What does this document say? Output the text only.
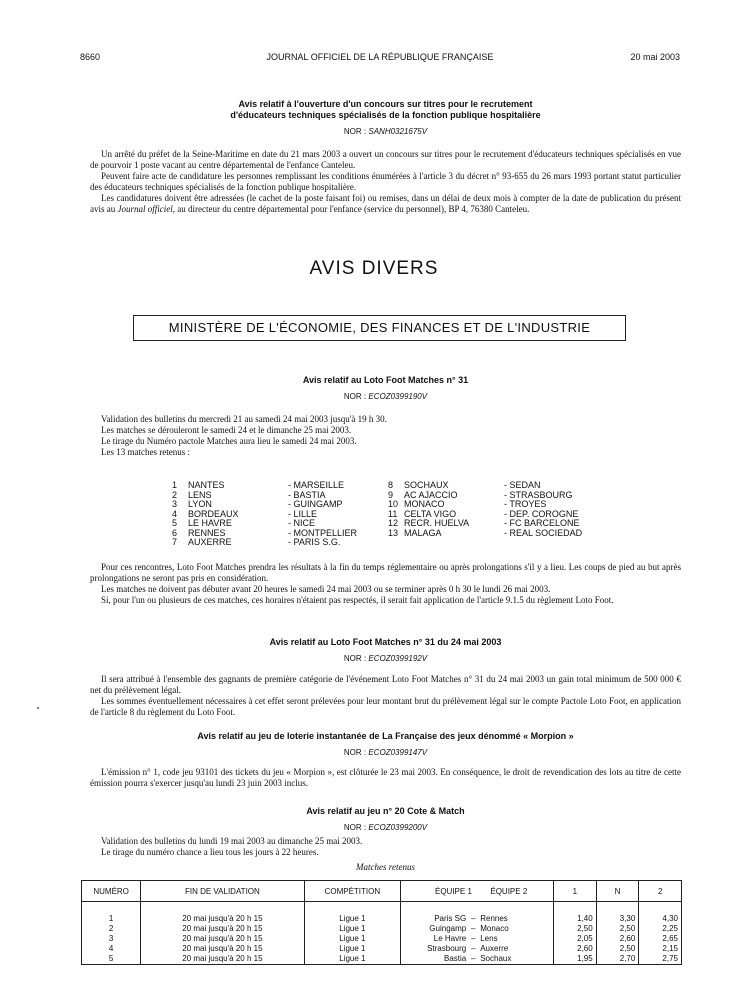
8660	JOURNAL OFFICIEL DE LA RÉPUBLIQUE FRANÇAISE	20 mai 2003
Avis relatif à l'ouverture d'un concours sur titres pour le recrutement
d'éducateurs techniques spécialisés de la fonction publique hospitalière
NOR : SANH0321675V

Un arrêté du préfet de la Seine-Maritime en date du 21 mars 2003 a ouvert un concours sur titres pour le recrutement d'éducateurs techniques spécialisés en vue de pourvoir 1 poste vacant au centre départemental de l'enfance Canteleu.

Peuvent faire acte de candidature les personnes remplissant les conditions énumérées à l'article 3 du décret n° 93-655 du 26 mars 1993 portant statut particulier des éducateurs techniques spécialisés de la fonction publique hospitalière.

Les candidatures doivent être adressées (le cachet de la poste faisant foi) ou remises, dans un délai de deux mois à compter de la date de publication du présent avis au Journal officiel, au directeur du centre départemental pour l'enfance (service du personnel), BP 4, 76380 Canteleu.

AVIS DIVERS
MINISTÈRE DE L'ÉCONOMIE, DES FINANCES ET DE L'INDUSTRIE
Avis relatif au Loto Foot Matches n° 31
NOR : ECOZ0399190V

Validation des bulletins du mercredi 21 au samedi 24 mai 2003 jusqu'à 19 h 30.

Les matches se dérouleront le samedi 24 et le dimanche 25 mai 2003.

Le tirage du Numéro pactole Matches aura lieu le samedi 24 mai 2003.

Les 13 matches retenus :

1 NANTES	- MARSEILLE
2 LENS	- BASTIA
3 LYON	- GUINGAMP
4 BORDEAUX	- LILLE
5 LE HAVRE	- NICE
6 RENNES	- MONTPELLIER
7 AUXERRE	- PARIS S.G.
8 SOCHAUX	- SEDAN
9 AC AJACCIO	- STRASBOURG
10 MONACO	- TROYES
11 CELTA VIGO	- DEP. COROGNE
12 RECR. HUELVA	- FC BARCELONE
13 MALAGA	- REAL SOCIEDAD

Pour ces rencontres, Loto Foot Matches prendra les résultats à la fin du temps réglementaire ou après prolongations s'il y a lieu. Les coups de pied au but après prolongations ne seront pas pris en considération.

Les matches ne doivent pas débuter avant 20 heures le samedi 24 mai 2003 ou se terminer après 0 h 30 le lundi 26 mai 2003.

Si, pour l'un ou plusieurs de ces matches, ces horaires n'étaient pas respectés, il serait fait application de l'article 9.1.5 du règlement Loto Foot.

Avis relatif au Loto Foot Matches n° 31 du 24 mai 2003
NOR : ECOZ0399192V

Il sera attribué à l'ensemble des gagnants de première catégorie de l'événement Loto Foot Matches n° 31 du 24 mai 2003 un gain total minimum de 500 000 € net du prélèvement légal.

Les sommes éventuellement nécessaires à cet effet seront prélevées pour leur montant brut du prélèvement légal sur le compte Pactole Loto Foot, en application de l'article 8 du règlement du Loto Foot.

Avis relatif au jeu de loterie instantanée de La Française des jeux dénommé « Morpion »
NOR : ECOZ0399147V

L'émission n° 1, code jeu 93101 des tickets du jeu « Morpion », est clôturée le 23 mai 2003. En conséquence, le droit de revendication des lots au titre de cette émission pourra s'exercer jusqu'au lundi 23 juin 2003 inclus.

Avis relatif au jeu n° 20 Cote & Match
NOR : ECOZ0399200V

Validation des bulletins du lundi 19 mai 2003 au dimanche 25 mai 2003.

Le tirage du numéro chance a lieu tous les jours à 22 heures.

Matches retenus
NUMÉRO	FIN DE VALIDATION	COMPÉTITION	ÉQUIPE 1 ÉQUIPE 2	1	N	2

1	20 mai jusqu'à 20 h 15	Ligue 1	Paris SG – Rennes	1,40	3,30	4,30
2	20 mai jusqu'à 20 h 15	Ligue 1	Guingamp – Monaco	2,50	2,50	2,25
3	20 mai jusqu'à 20 h 15	Ligue 1	Le Havre – Lens	2,05	2,60	2,65
4	20 mai jusqu'à 20 h 15	Ligue 1	Strasbourg – Auxerre	2,60	2,50	2,15
5	20 mai jusqu'à 20 h 15	Ligue 1	Bastia – Sochaux	1,95	2,70	2,75
